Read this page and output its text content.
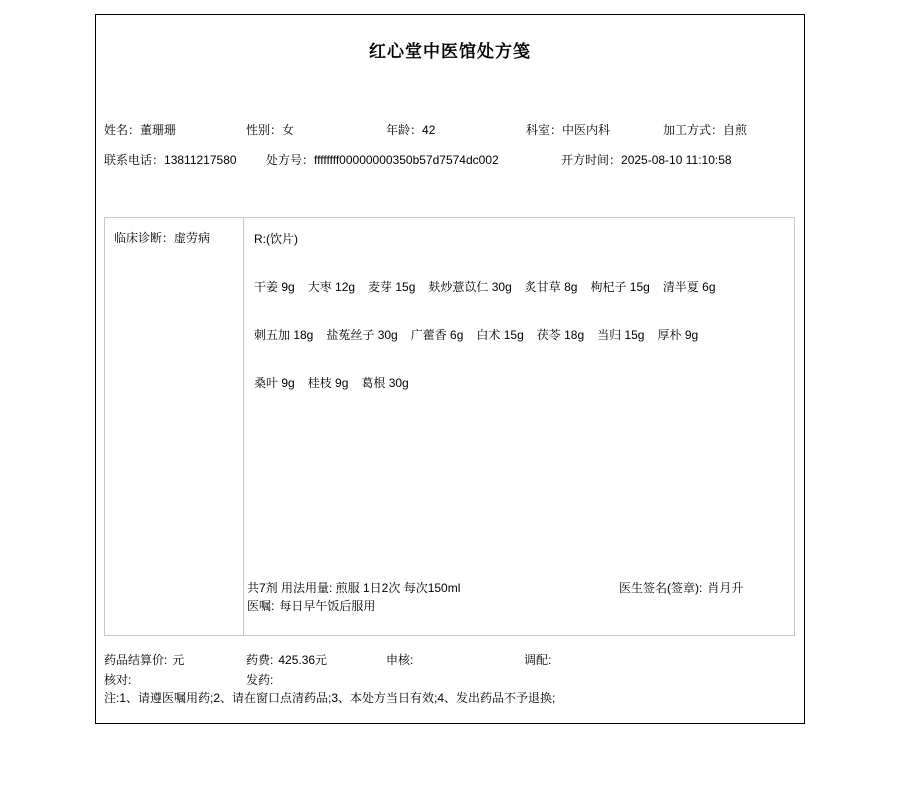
红心堂中医馆处方笺
姓名：董珊珊	性别：女	年龄：42	科室：中医内科	加工方式：自煎
联系电话：13811217580 处方号：ffffffff00000000350b57d7574dc002	开方时间：2025-08-10 11:10:58
临床诊断：虚劳病	R:(饮片)
干姜 9g 大枣 12g 麦芽 15g 麸炒薏苡仁 30g 炙甘草 8g 枸杞子 15g 清半夏 6g
刺五加 18g 盐菟丝子 30g 广藿香 6g 白术 15g 茯苓 18g 当归 15g 厚朴 9g
桑叶 9g 桂枝 9g 葛根 30g
共7剂 用法用量: 煎服 1日2次 每次150ml	医生签名(签章): 肖月升
医嘱: 每日早午饭后服用
药品结算价: 元	药费: 425.36元	申核:	调配:
核对:	发药:
注:1、请遵医嘱用药;2、请在窗口点清药品;3、本处方当日有效;4、发出药品不予退换;
